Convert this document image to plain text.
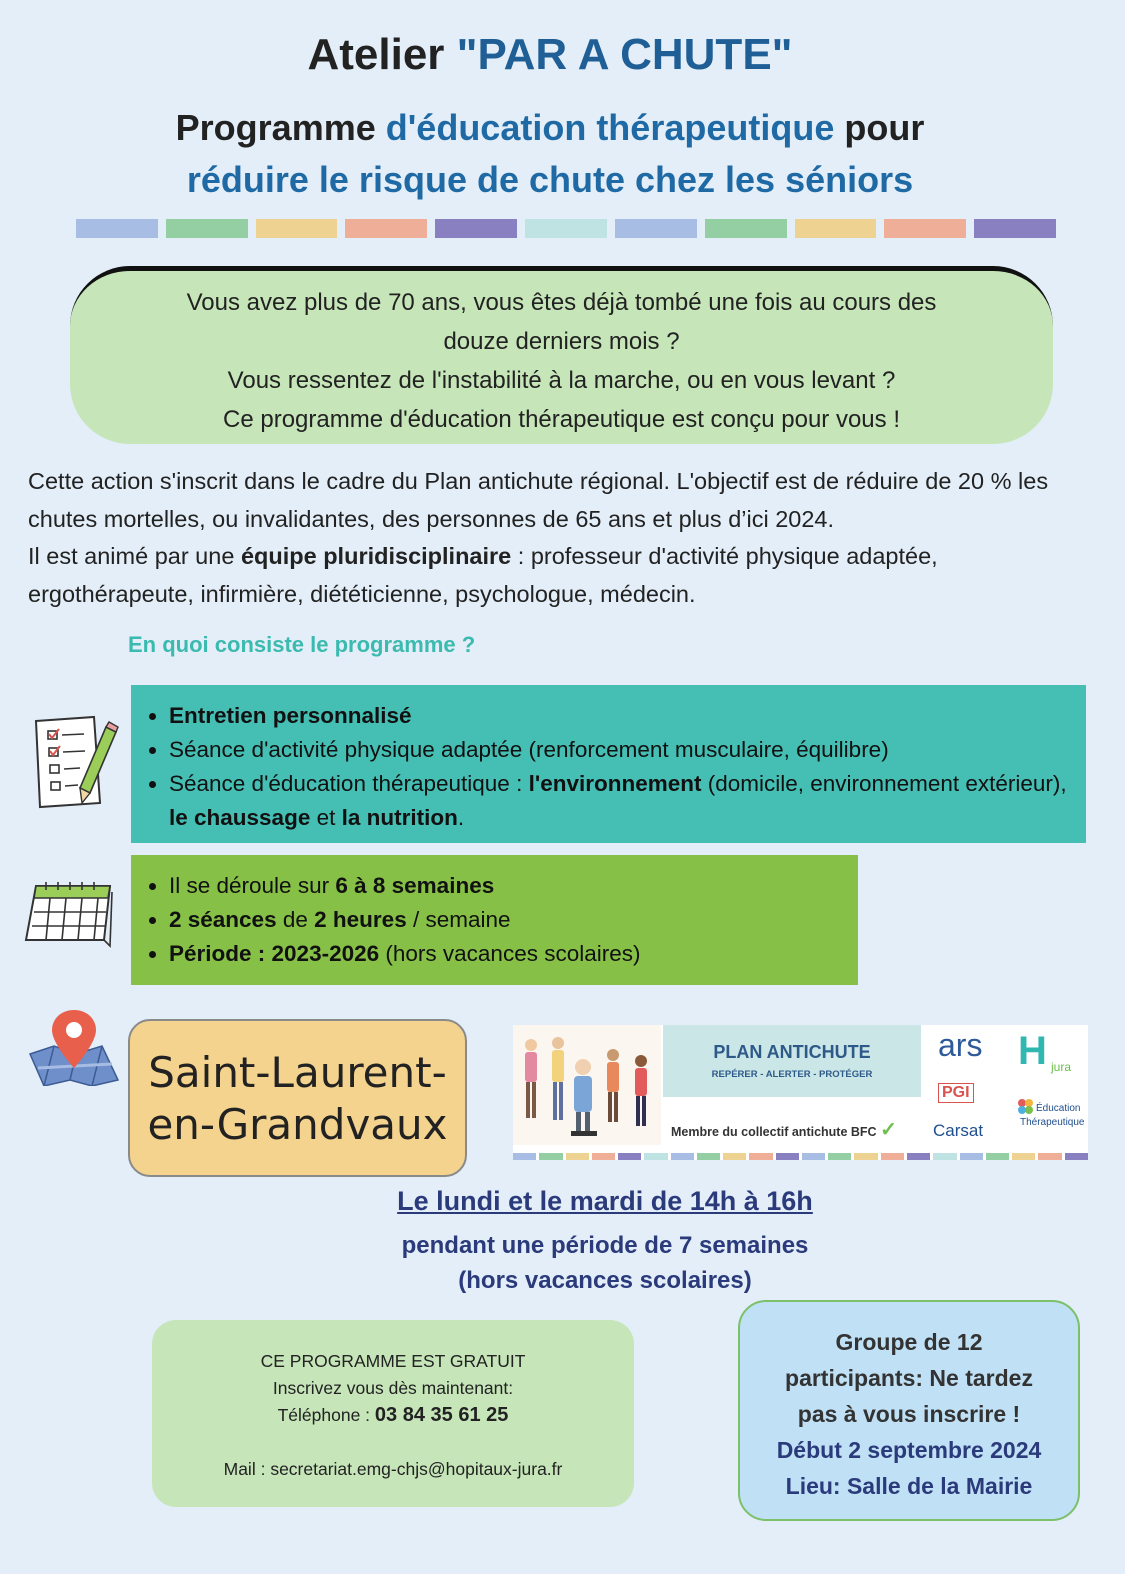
Atelier "PAR A CHUTE"
Programme d'éducation thérapeutique pour
réduire le risque de chute chez les séniors
Vous avez plus de 70 ans, vous êtes déjà tombé une fois au cours des
douze derniers mois ?
Vous ressentez de l'instabilité à la marche, ou en vous levant ?
Ce programme d'éducation thérapeutique est conçu pour vous !
Cette action s'inscrit dans le cadre du Plan antichute régional. L'objectif est de réduire de 20 % les chutes mortelles, ou invalidantes, des personnes de 65 ans et plus d’ici 2024.
Il est animé par une équipe pluridisciplinaire : professeur d'activité physique adaptée, ergothérapeute, infirmière, diététicienne, psychologue, médecin.
En quoi consiste le programme ?
• Entretien personnalisé
• Séance d'activité physique adaptée (renforcement musculaire, équilibre)
• Séance d'éducation thérapeutique : l'environnement (domicile, environnement extérieur), le chaussage et la nutrition.
• Il se déroule sur 6 à 8 semaines
• 2 séances de 2 heures / semaine
• Période : 2023-2026 (hors vacances scolaires)
Saint-Laurent-
en-Grandvaux
PLAN ANTICHUTE
REPÉRER - ALERTER - PROTÉGER
Membre du collectif antichute BFC ✓
ars H jura
PGI
Carsat
Éducation
Thérapeutique
Le lundi et le mardi de 14h à 16h
pendant une période de 7 semaines
(hors vacances scolaires)
CE PROGRAMME EST GRATUIT
Inscrivez vous dès maintenant:
Téléphone : 03 84 35 61 25
Mail : secretariat.emg-chjs@hopitaux-jura.fr
Groupe de 12
participants: Ne tardez
pas à vous inscrire !
Début 2 septembre 2024
Lieu: Salle de la Mairie
